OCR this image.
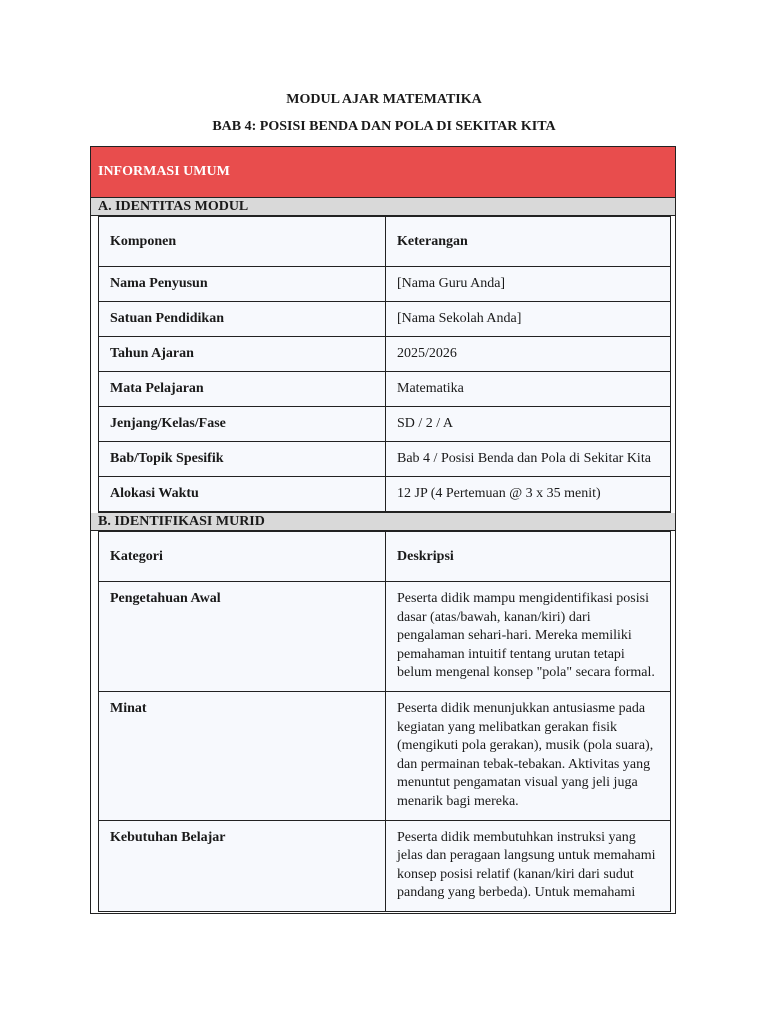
MODUL AJAR MATEMATIKA
BAB 4: POSISI BENDA DAN POLA DI SEKITAR KITA
INFORMASI UMUM
A. IDENTITAS MODUL
Komponen	Keterangan
Nama Penyusun	[Nama Guru Anda]
Satuan Pendidikan	[Nama Sekolah Anda]
Tahun Ajaran	2025/2026
Mata Pelajaran	Matematika
Jenjang/Kelas/Fase	SD / 2 / A
Bab/Topik Spesifik	Bab 4 / Posisi Benda dan Pola di Sekitar Kita
Alokasi Waktu	12 JP (4 Pertemuan @ 3 x 35 menit)
B. IDENTIFIKASI MURID
Kategori	Deskripsi
Pengetahuan Awal	Peserta didik mampu mengidentifikasi posisi dasar (atas/bawah, kanan/kiri) dari pengalaman sehari-hari. Mereka memiliki pemahaman intuitif tentang urutan tetapi belum mengenal konsep "pola" secara formal.
Minat	Peserta didik menunjukkan antusiasme pada kegiatan yang melibatkan gerakan fisik (mengikuti pola gerakan), musik (pola suara), dan permainan tebak-tebakan. Aktivitas yang menuntut pengamatan visual yang jeli juga menarik bagi mereka.
Kebutuhan Belajar	Peserta didik membutuhkan instruksi yang jelas dan peragaan langsung untuk memahami konsep posisi relatif (kanan/kiri dari sudut pandang yang berbeda). Untuk memahami
